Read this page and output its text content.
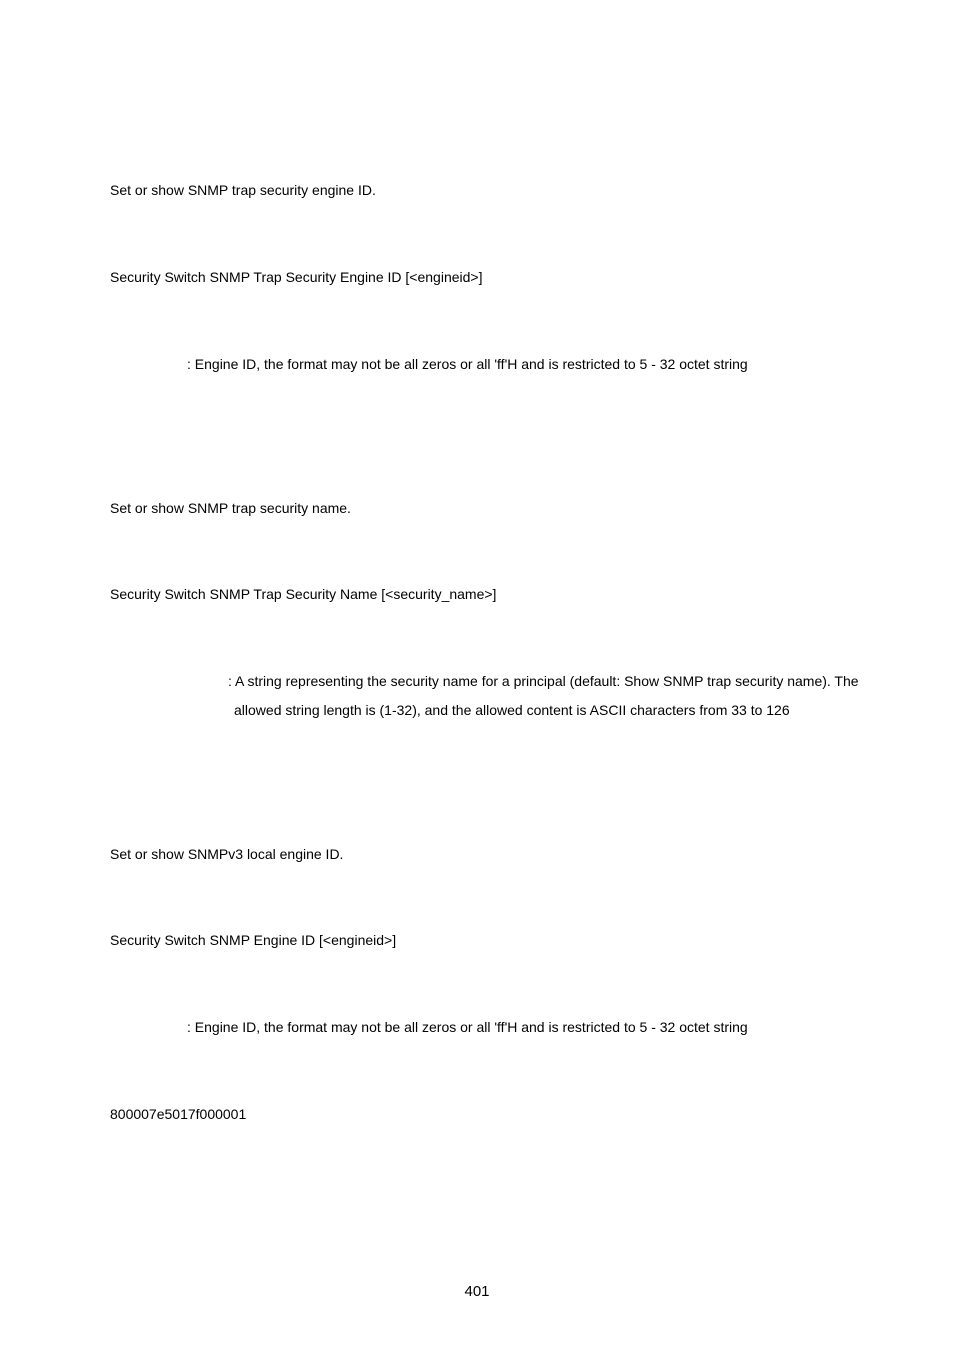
Set or show SNMP trap security engine ID.
Security Switch SNMP Trap Security Engine ID [<engineid>]
: Engine ID, the format may not be all zeros or all 'ff'H and is restricted to 5 - 32 octet string
Set or show SNMP trap security name.
Security Switch SNMP Trap Security Name [<security_name>]
: A string representing the security name for a principal (default: Show SNMP trap security name). The
allowed string length is (1-32), and the allowed content is ASCII characters from 33 to 126
Set or show SNMPv3 local engine ID.
Security Switch SNMP Engine ID [<engineid>]
: Engine ID, the format may not be all zeros or all 'ff'H and is restricted to 5 - 32 octet string
800007e5017f000001
401
